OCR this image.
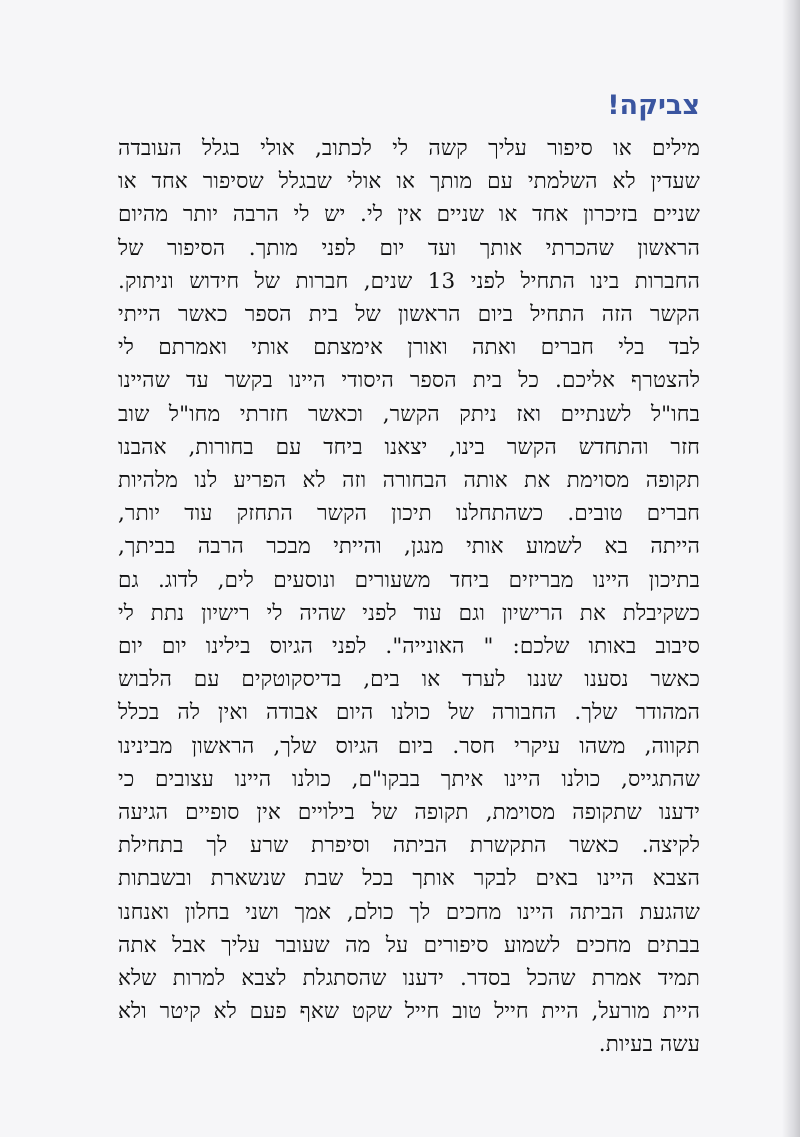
צביקה!
מילים או סיפור עליך קשה לי לכתוב, אולי בגלל העובדה
שעדין לא השלמתי עם מותך או אולי שבגלל שסיפור אחד או
שניים בזיכרון אחד או שניים אין לי. יש לי הרבה יותר מהיום
הראשון שהכרתי אותך ועד יום לפני מותך. הסיפור של
החברות בינו התחיל לפני 13 שנים, חברות של חידוש וניתוק.
הקשר הזה התחיל ביום הראשון של בית הספר כאשר הייתי
לבד בלי חברים ואתה ואורן אימצתם אותי ואמרתם לי
להצטרף אליכם. כל בית הספר היסודי היינו בקשר עד שהיינו
בחו"ל לשנתיים ואז ניתק הקשר, וכאשר חזרתי מחו"ל שוב
חזר והתחדש הקשר בינו, יצאנו ביחד עם בחורות, אהבנו
תקופה מסוימת את אותה הבחורה וזה לא הפריע לנו מלהיות
חברים טובים. כשהתחלנו תיכון הקשר התחזק עוד יותר,
הייתה בא לשמוע אותי מנגן, והייתי מבכר הרבה בביתך,
בתיכון היינו מבריזים ביחד משעורים ונוסעים לים, לדוג. גם
כשקיבלת את הרישיון וגם עוד לפני שהיה לי רישיון נתת לי
סיבוב באותו שלכם: " האונייה". לפני הגיוס בילינו יום יום
כאשר נסענו שננו לערד או בים, בדיסקוטקים עם הלבוש
המהודר שלך. החבורה של כולנו היום אבודה ואין לה בכלל
תקווה, משהו עיקרי חסר. ביום הגיוס שלך, הראשון מבינינו
שהתגייס, כולנו היינו איתך בבקו"ם, כולנו היינו עצובים כי
ידענו שתקופה מסוימת, תקופה של בילויים אין סופיים הגיעה
לקיצה. כאשר התקשרת הביתה וסיפרת שרע לך בתחילת
הצבא היינו באים לבקר אותך בכל שבת שנשארת ובשבתות
שהגעת הביתה היינו מחכים לך כולם, אמך ושני בחלון ואנחנו
בבתים מחכים לשמוע סיפורים על מה שעובר עליך אבל אתה
תמיד אמרת שהכל בסדר. ידענו שהסתגלת לצבא למרות שלא
היית מורעל, היית חייל טוב חייל שקט שאף פעם לא קיטר ולא
עשה בעיות.
